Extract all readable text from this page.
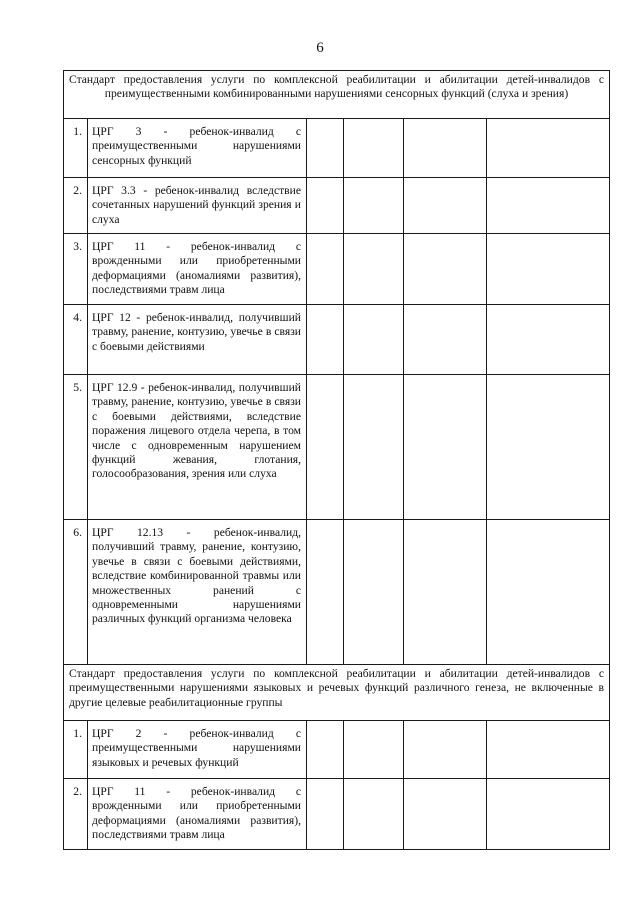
6
Стандарт предоставления услуги по комплексной реабилитации и абилитации детей-инвалидов с преимущественными комбинированными нарушениями сенсорных функций (слуха и зрения)					
1.	ЦРГ 3 - ребенок-инвалид с преимущественными нарушениями сенсорных функций				
2.	ЦРГ 3.3 - ребенок-инвалид вследствие сочетанных нарушений функций зрения и слуха				
3.	ЦРГ 11 - ребенок-инвалид с врожденными или приобретенными деформациями (аномалиями развития), последствиями травм лица				
4.	ЦРГ 12 - ребенок-инвалид, получивший травму, ранение, контузию, увечье в связи с боевыми действиями				
5.	ЦРГ 12.9 - ребенок-инвалид, получивший травму, ранение, контузию, увечье в связи с боевыми действиями, вследствие поражения лицевого отдела черепа, в том числе с одновременным нарушением функций жевания, глотания, голосообразования, зрения или слуха				
6.	ЦРГ 12.13 - ребенок-инвалид, получивший травму, ранение, контузию, увечье в связи с боевыми действиями, вследствие комбинированной травмы или множественных ранений с одновременными нарушениями различных функций организма человека				
Стандарт предоставления услуги по комплексной реабилитации и абилитации детей-инвалидов с преимущественными нарушениями языковых и речевых функций различного генеза, не включенные в другие целевые реабилитационные группы					
1.	ЦРГ 2 - ребенок-инвалид с преимущественными нарушениями языковых и речевых функций				
2.	ЦРГ 11 - ребенок-инвалид с врожденными или приобретенными деформациями (аномалиями развития), последствиями травм лица				
